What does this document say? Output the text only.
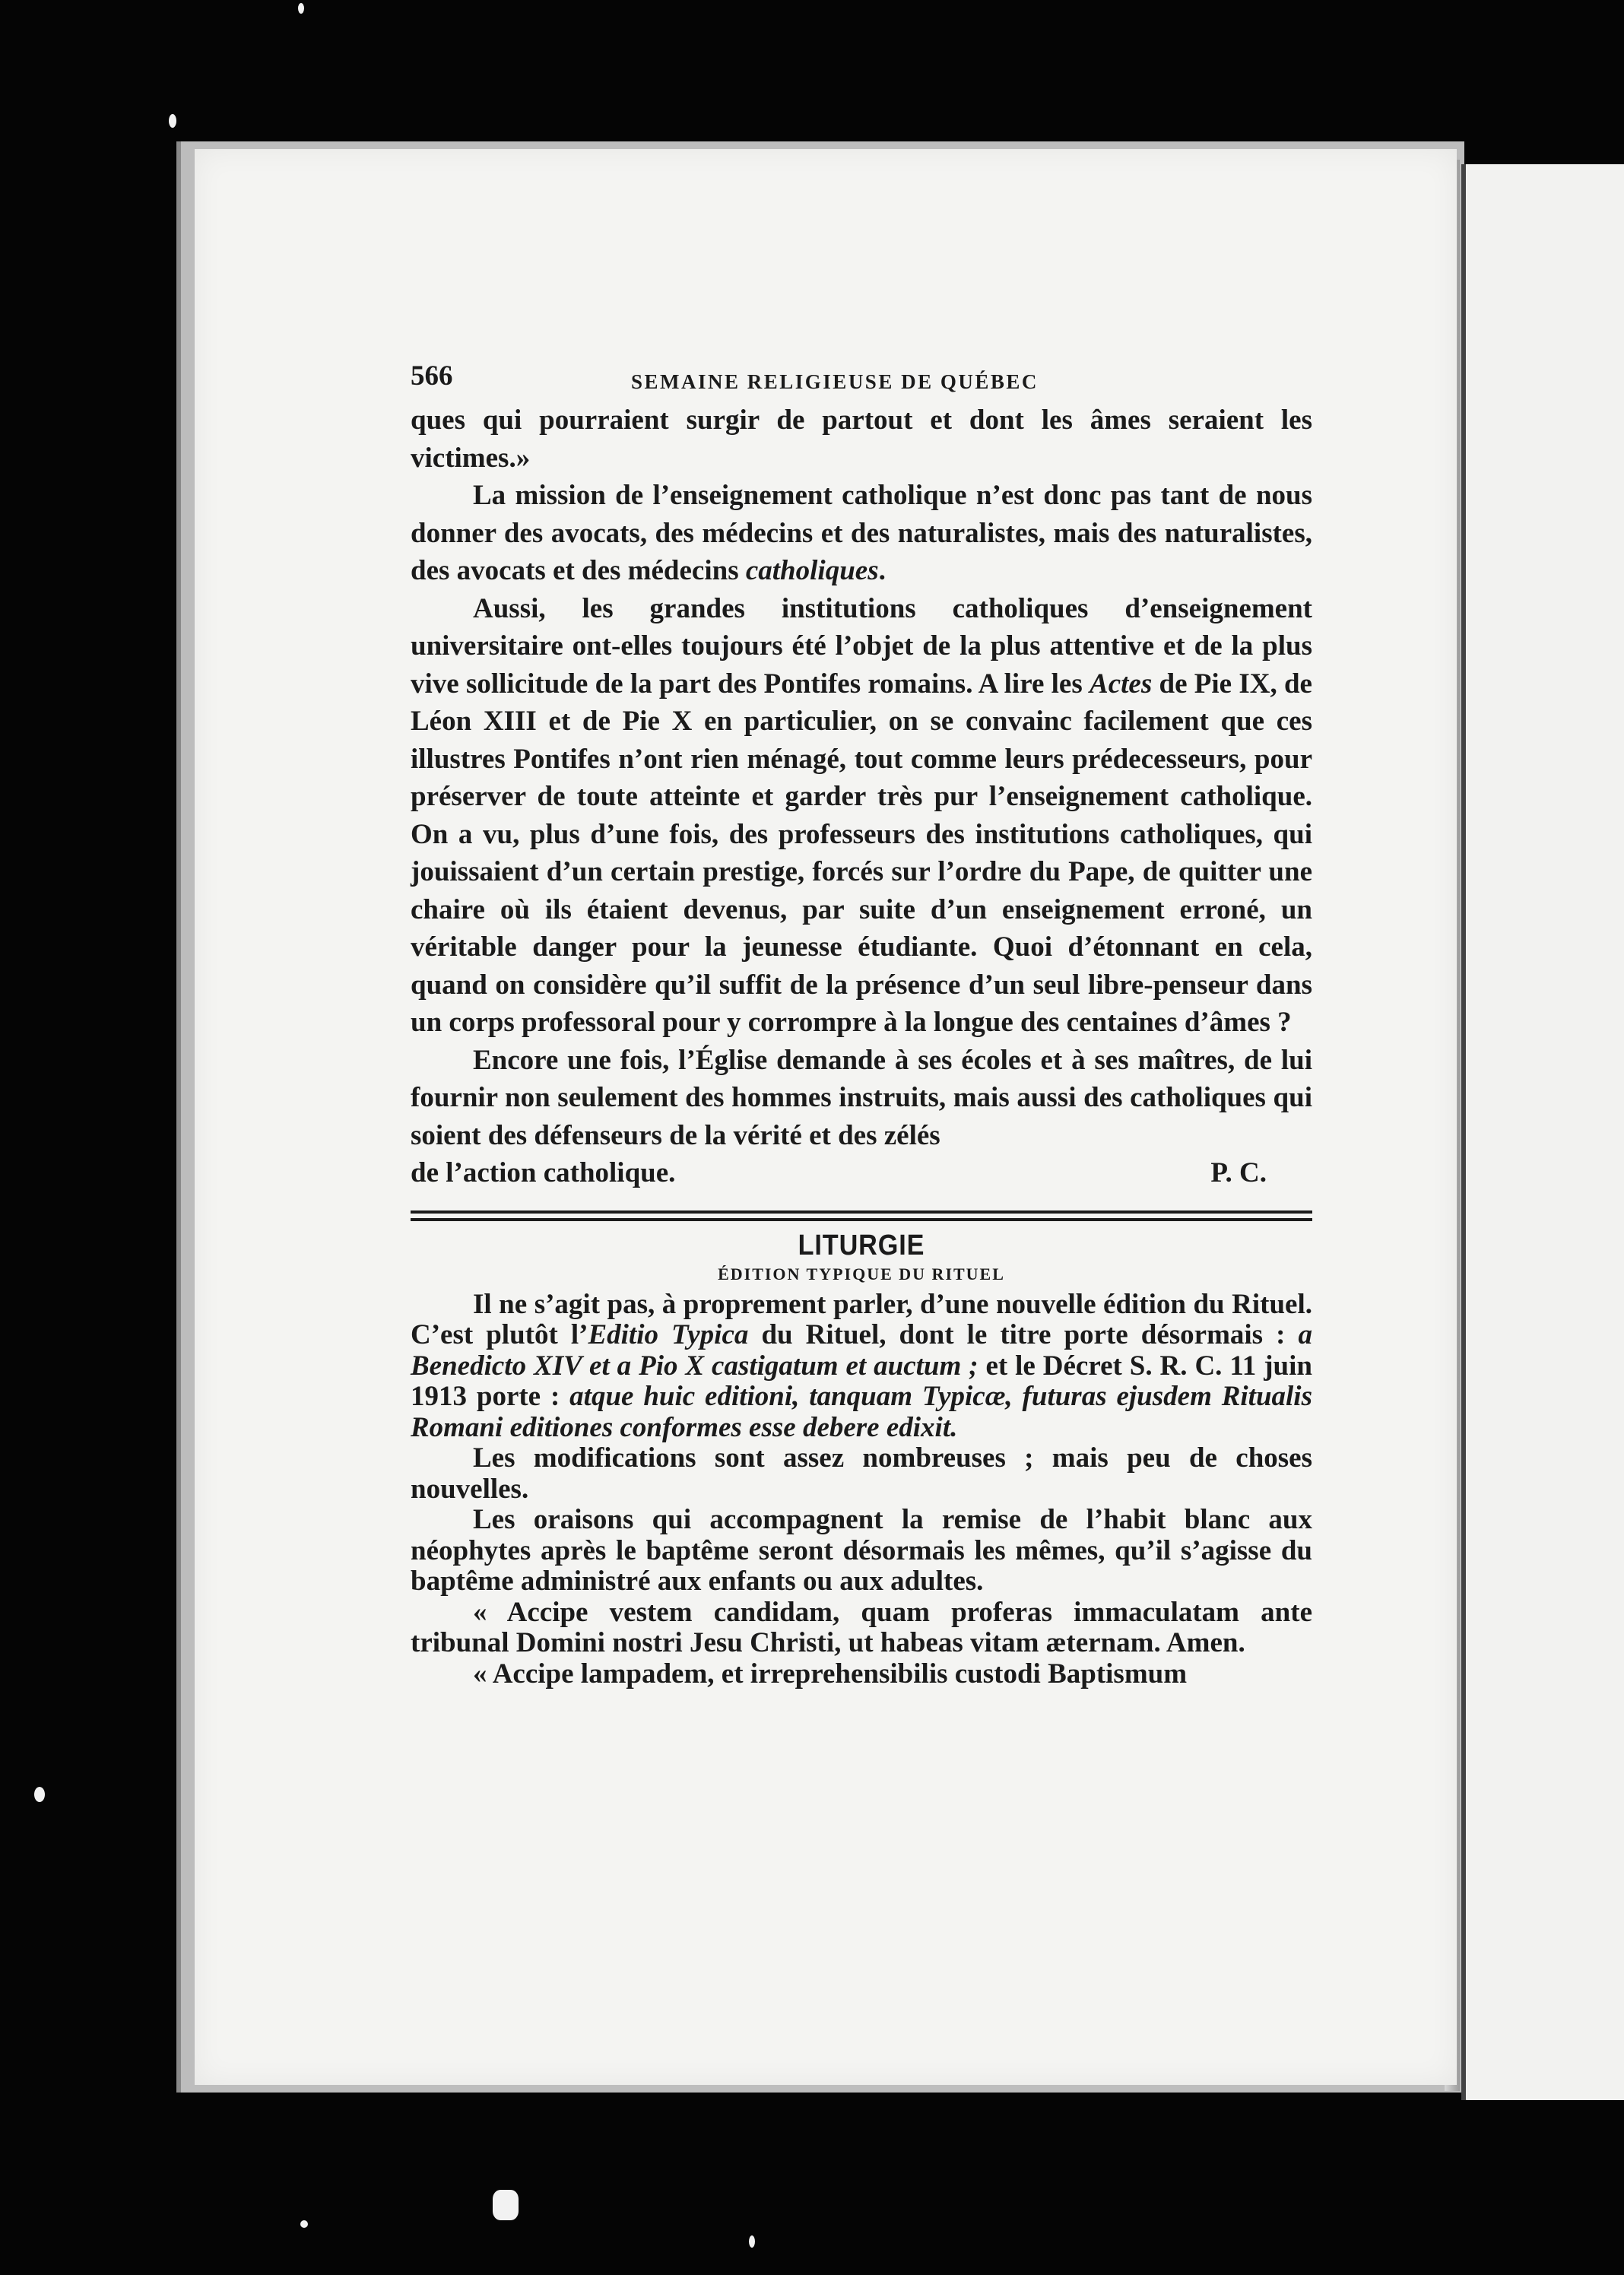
566	SEMAINE RELIGIEUSE DE QUÉBEC

ques qui pourraient surgir de partout et dont les âmes seraient les victimes.»

La mission de l’enseignement catholique n’est donc pas tant de nous donner des avocats, des médecins et des naturalistes, mais des naturalistes, des avocats et des médecins catholiques.

Aussi, les grandes institutions catholiques d’enseignement universitaire ont-elles toujours été l’objet de la plus attentive et de la plus vive sollicitude de la part des Pontifes romains. A lire les Actes de Pie IX, de Léon XIII et de Pie X en particulier, on se convainc facilement que ces illustres Pontifes n’ont rien ménagé, tout comme leurs prédecesseurs, pour préserver de toute atteinte et garder très pur l’enseignement catholique. On a vu, plus d’une fois, des professeurs des institutions catholiques, qui jouissaient d’un certain prestige, forcés sur l’ordre du Pape, de quitter une chaire où ils étaient devenus, par suite d’un enseignement erroné, un véritable danger pour la jeunesse étudiante. Quoi d’étonnant en cela, quand on considère qu’il suffit de la présence d’un seul libre-penseur dans un corps professoral pour y corrompre à la longue des centaines d’âmes ?

Encore une fois, l’Église demande à ses écoles et à ses maîtres, de lui fournir non seulement des hommes instruits, mais aussi des catholiques qui soient des défenseurs de la vérité et des zélés

de l’action catholique.	P. C.
LITURGIE
ÉDITION TYPIQUE DU RITUEL

Il ne s’agit pas, à proprement parler, d’une nouvelle édition du Rituel. C’est plutôt l’Editio Typica du Rituel, dont le titre porte désormais : a Benedicto XIV et a Pio X castigatum et auctum ; et le Décret S. R. C. 11 juin 1913 porte : atque huic editioni, tanquam Typicæ, futuras ejusdem Ritualis Romani editiones conformes esse debere edixit.

Les modifications sont assez nombreuses ; mais peu de choses nouvelles.

Les oraisons qui accompagnent la remise de l’habit blanc aux néophytes après le baptême seront désormais les mêmes, qu’il s’agisse du baptême administré aux enfants ou aux adultes.

« Accipe vestem candidam, quam proferas immaculatam ante tribunal Domini nostri Jesu Christi, ut habeas vitam æternam. Amen.

« Accipe lampadem, et irreprehensibilis custodi Baptismum
